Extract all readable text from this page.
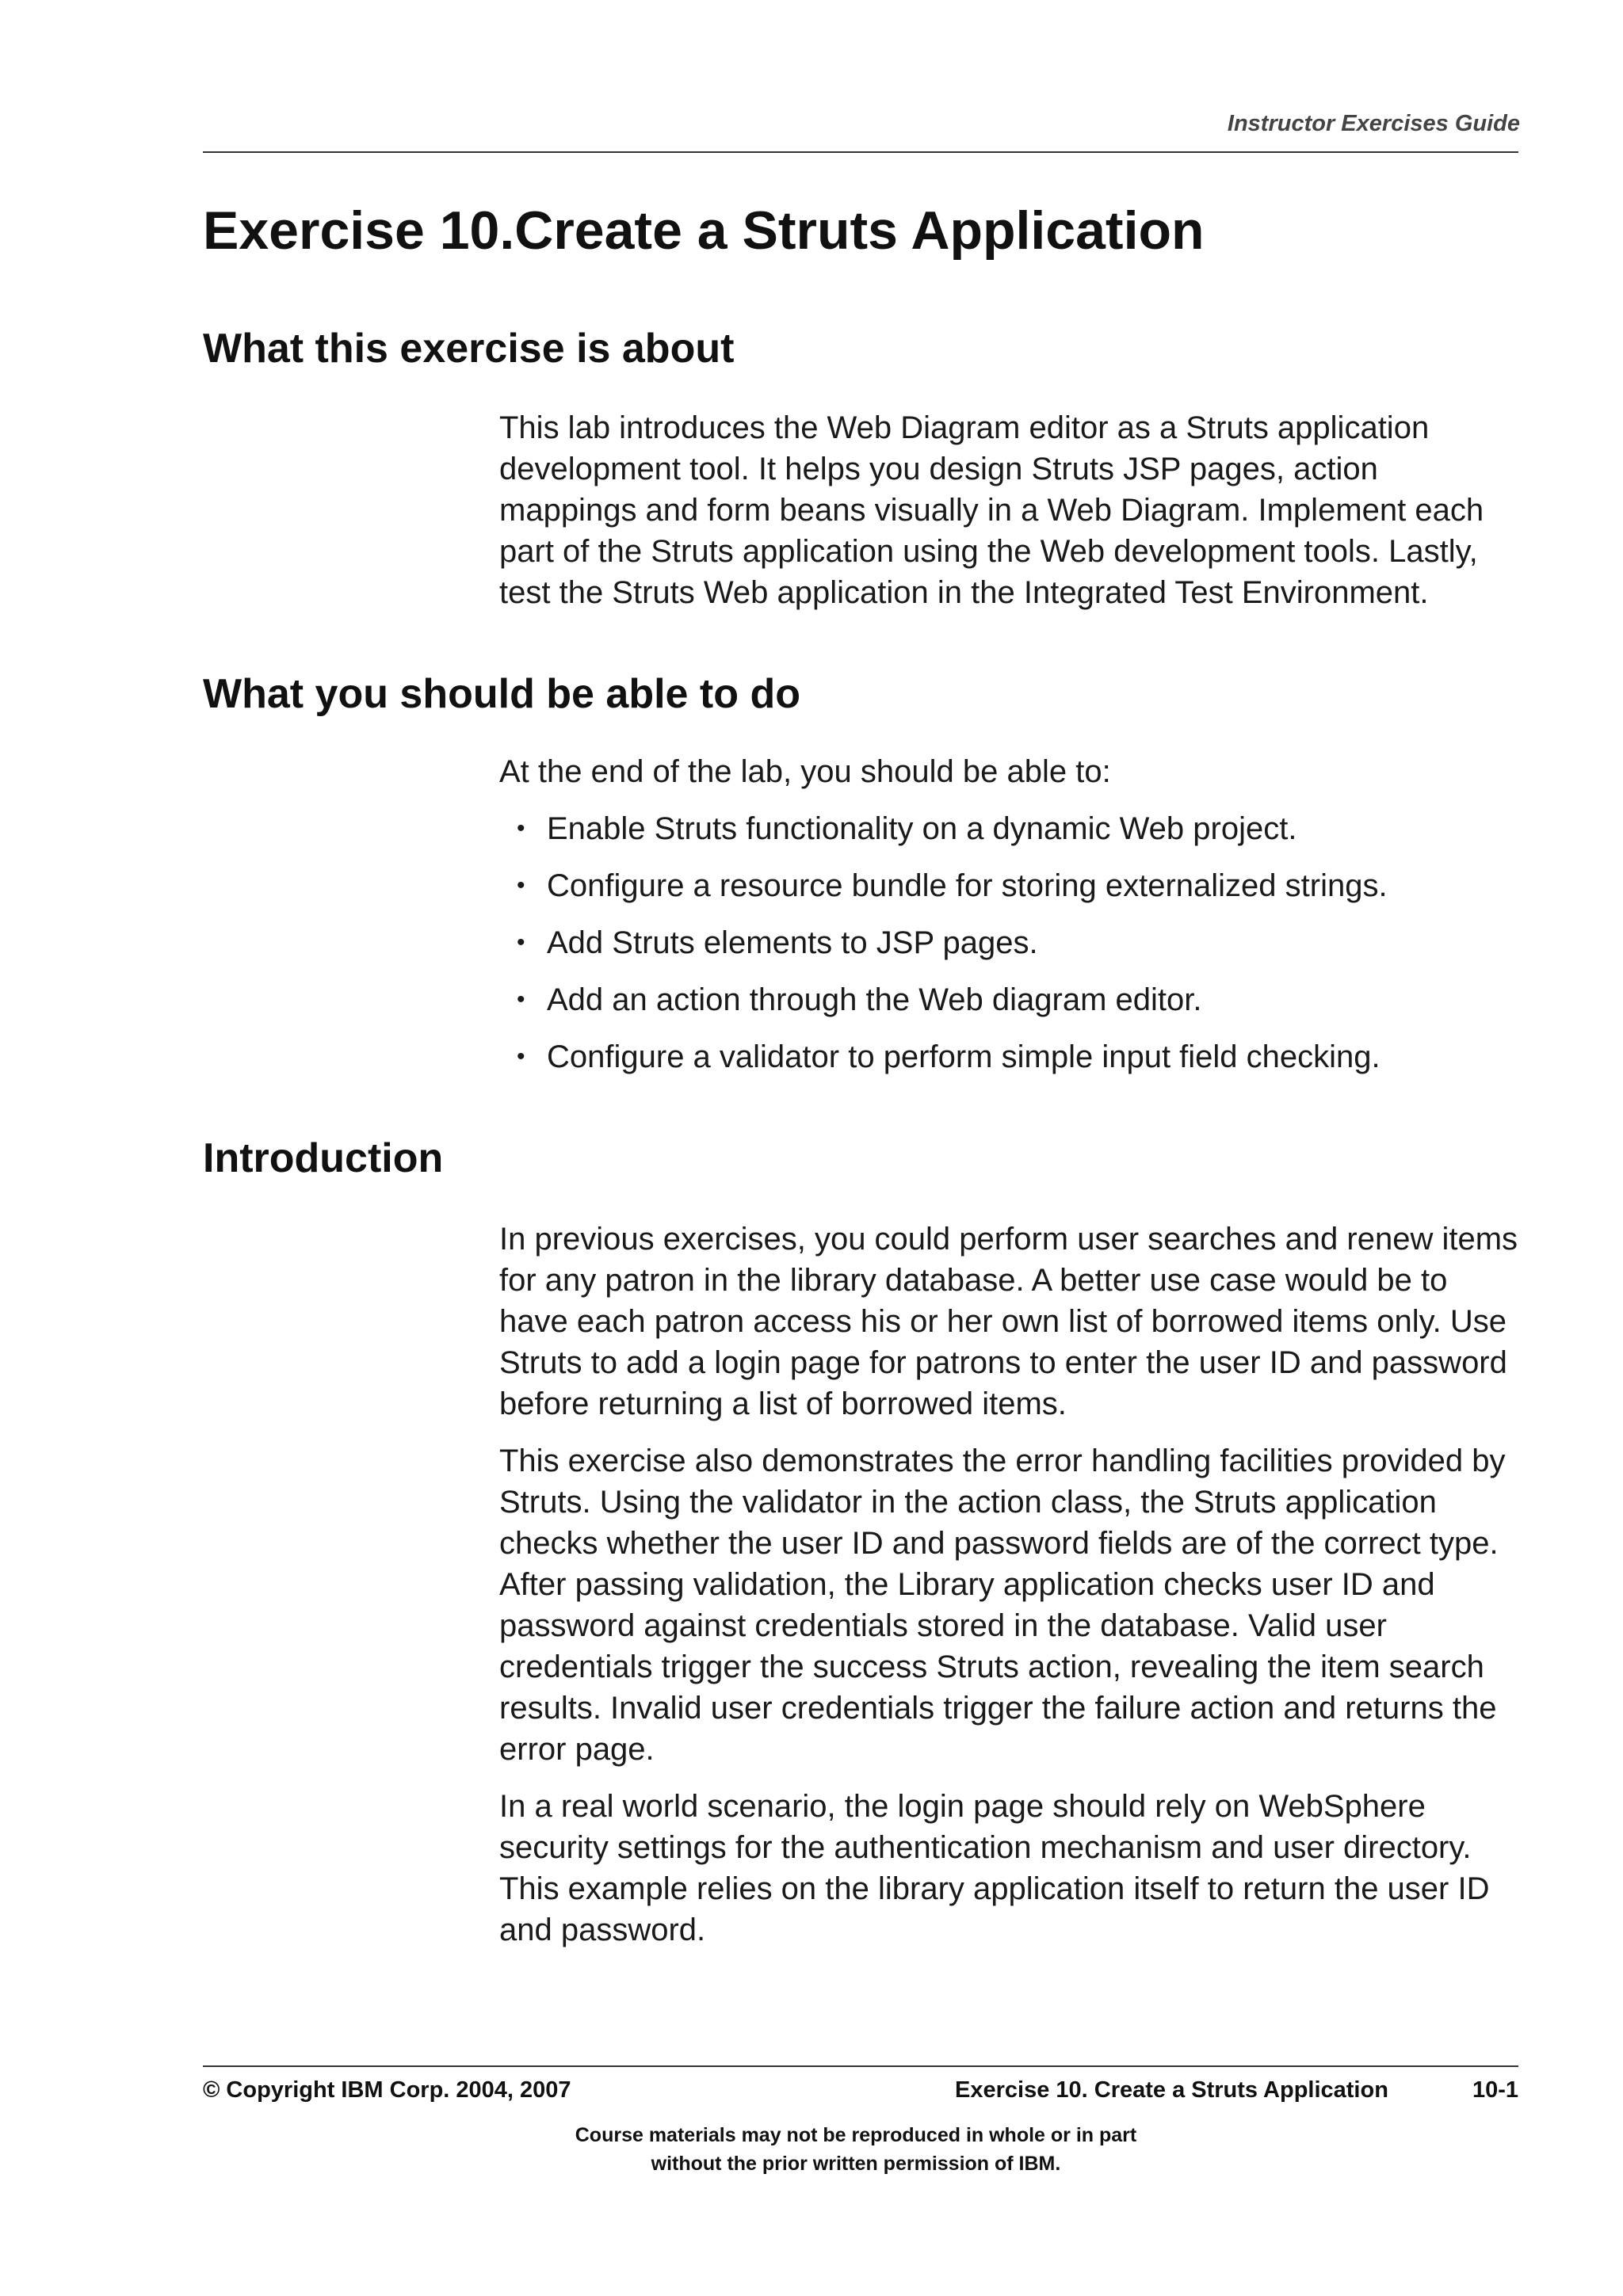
Instructor Exercises Guide
Exercise 10.Create a Struts Application
What this exercise is about

This lab introduces the Web Diagram editor as a Struts application development tool. It helps you design Struts JSP pages, action mappings and form beans visually in a Web Diagram. Implement each part of the Struts application using the Web development tools. Lastly, test the Struts Web application in the Integrated Test Environment.

What you should be able to do

At the end of the lab, you should be able to:

• Enable Struts functionality on a dynamic Web project.
• Configure a resource bundle for storing externalized strings.
• Add Struts elements to JSP pages.
• Add an action through the Web diagram editor.
• Configure a validator to perform simple input field checking.
Introduction

In previous exercises, you could perform user searches and renew items for any patron in the library database. A better use case would be to have each patron access his or her own list of borrowed items only. Use Struts to add a login page for patrons to enter the user ID and password before returning a list of borrowed items.

This exercise also demonstrates the error handling facilities provided by Struts. Using the validator in the action class, the Struts application checks whether the user ID and password fields are of the correct type. After passing validation, the Library application checks user ID and password against credentials stored in the database. Valid user credentials trigger the success Struts action, revealing the item search results. Invalid user credentials trigger the failure action and returns the error page.

In a real world scenario, the login page should rely on WebSphere security settings for the authentication mechanism and user directory. This example relies on the library application itself to return the user ID and password.

© Copyright IBM Corp. 2004, 2007	Exercise 10. Create a Struts Application	10-1
Course materials may not be reproduced in whole or in part
without the prior written permission of IBM.
